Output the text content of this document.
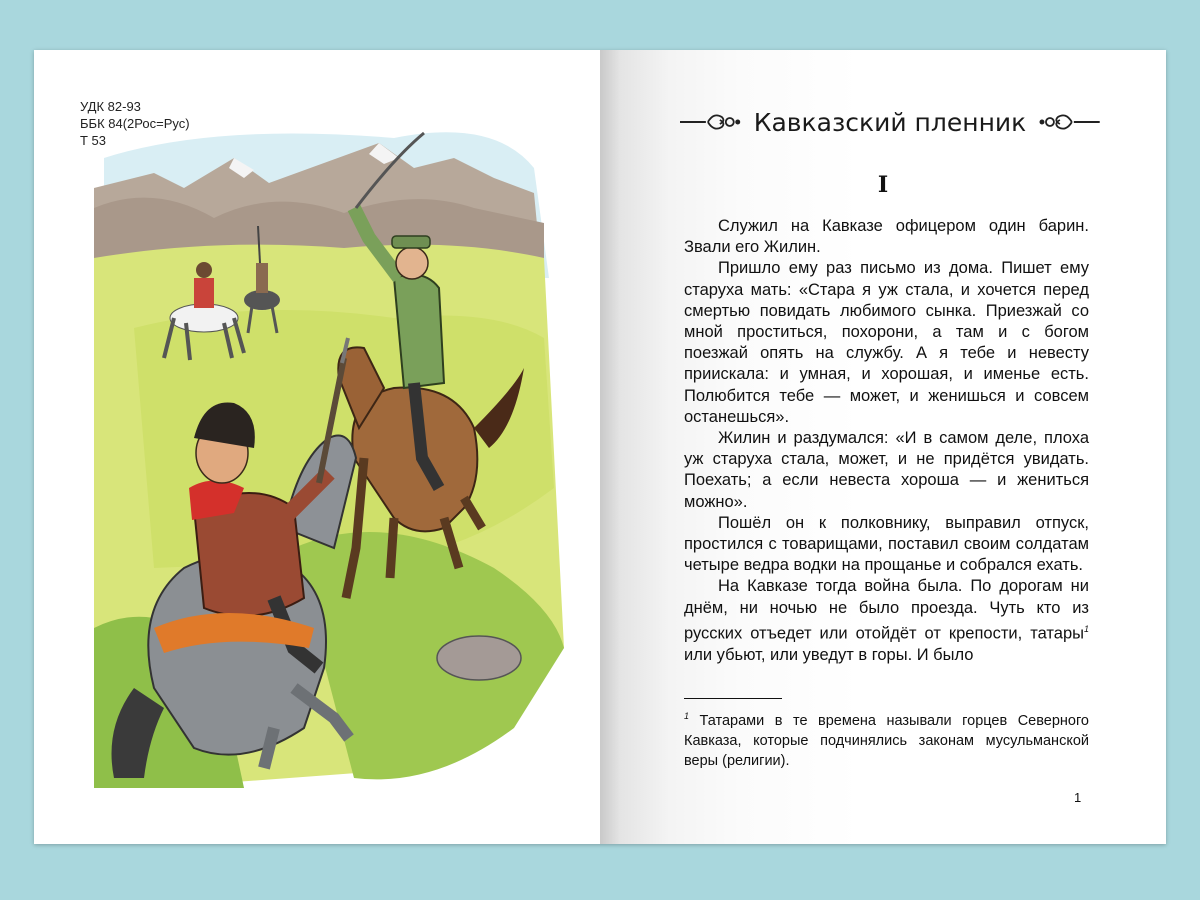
УДК 82-93
ББК 84(2Рос=Рус)
Т 53
Кавказский пленник
I

Служил на Кавказе офицером один барин. Звали его Жилин.

Пришло ему раз письмо из дома. Пишет ему старуха мать: «Стара я уж стала, и хочется перед смертью повидать любимого сынка. Приезжай со мной проститься, похорони, а там и с богом поезжай опять на службу. А я тебе и невесту приискала: и умная, и хорошая, и именье есть. Полюбится тебе — может, и женишься и совсем останешься».

Жилин и раздумался: «И в самом деле, плоха уж старуха стала, может, и не придётся увидать. Поехать; а если невеста хороша — и жениться можно».

Пошёл он к полковнику, выправил отпуск, простился с товарищами, поставил своим солдатам четыре ведра водки на прощанье и собрался ехать.

На Кавказе тогда война была. По дорогам ни днём, ни ночью не было проезда. Чуть кто из русских отъедет или отойдёт от крепости, татары$^1$ или убьют, или уведут в горы. И было

$^1$ Татарами в те времена называли горцев Северного Кавказа, которые подчинялись законам мусульманской веры (религии).
1
